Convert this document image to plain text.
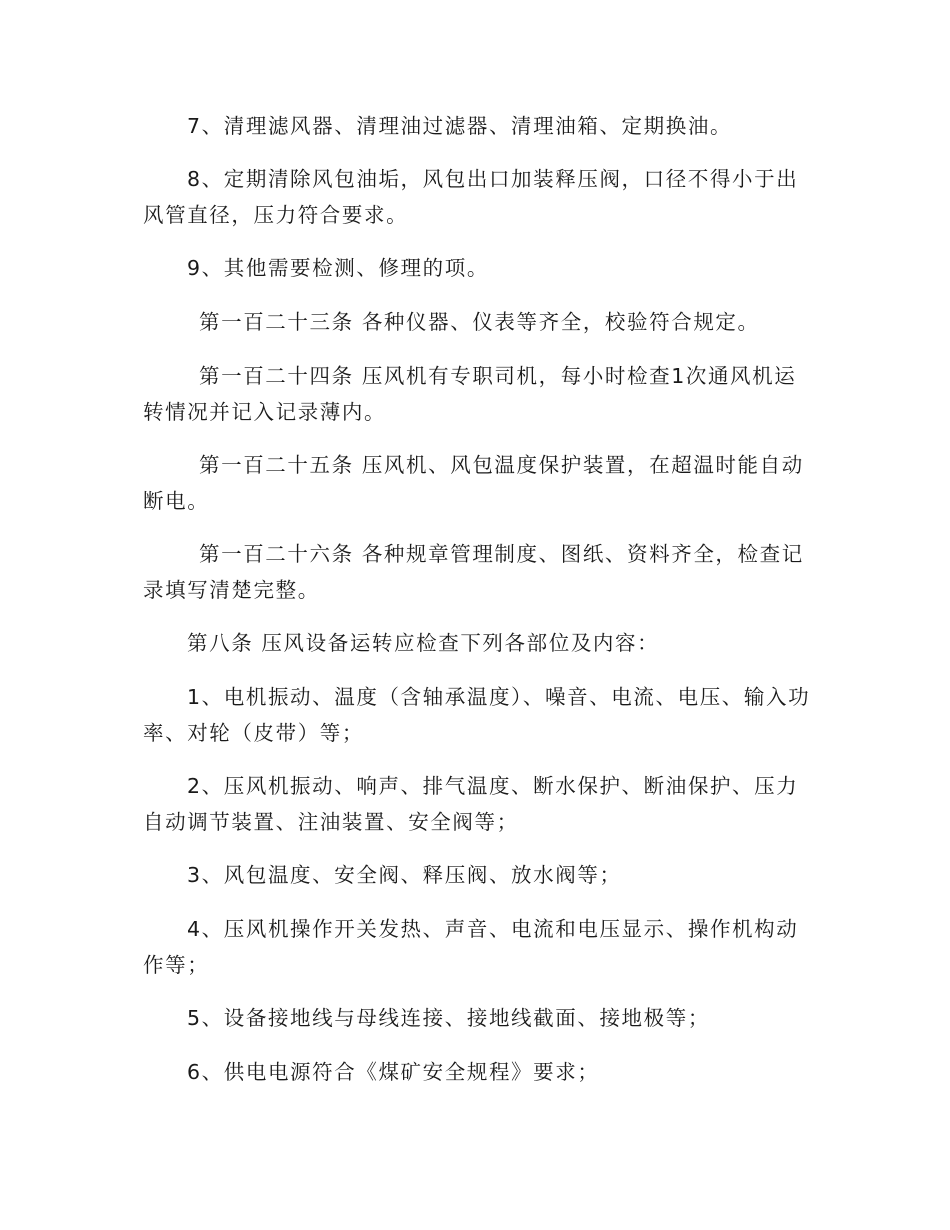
7、清理滤风器、清理油过滤器、清理油箱、定期换油。

8、定期清除风包油垢，风包出口加装释压阀，口径不得小于出风管直径，压力符合要求。

9、其他需要检测、修理的项。

第一百二十三条 各种仪器、仪表等齐全，校验符合规定。

第一百二十四条 压风机有专职司机，每小时检查1次通风机运转情况并记入记录薄内。

第一百二十五条 压风机、风包温度保护装置，在超温时能自动断电。

第一百二十六条 各种规章管理制度、图纸、资料齐全，检查记录填写清楚完整。

第八条 压风设备运转应检查下列各部位及内容：

1、电机振动、温度（含轴承温度）、噪音、电流、电压、输入功率、对轮（皮带）等；

2、压风机振动、响声、排气温度、断水保护、断油保护、压力自动调节装置、注油装置、安全阀等；

3、风包温度、安全阀、释压阀、放水阀等；

4、压风机操作开关发热、声音、电流和电压显示、操作机构动作等；

5、设备接地线与母线连接、接地线截面、接地极等；

6、供电电源符合《煤矿安全规程》要求；
